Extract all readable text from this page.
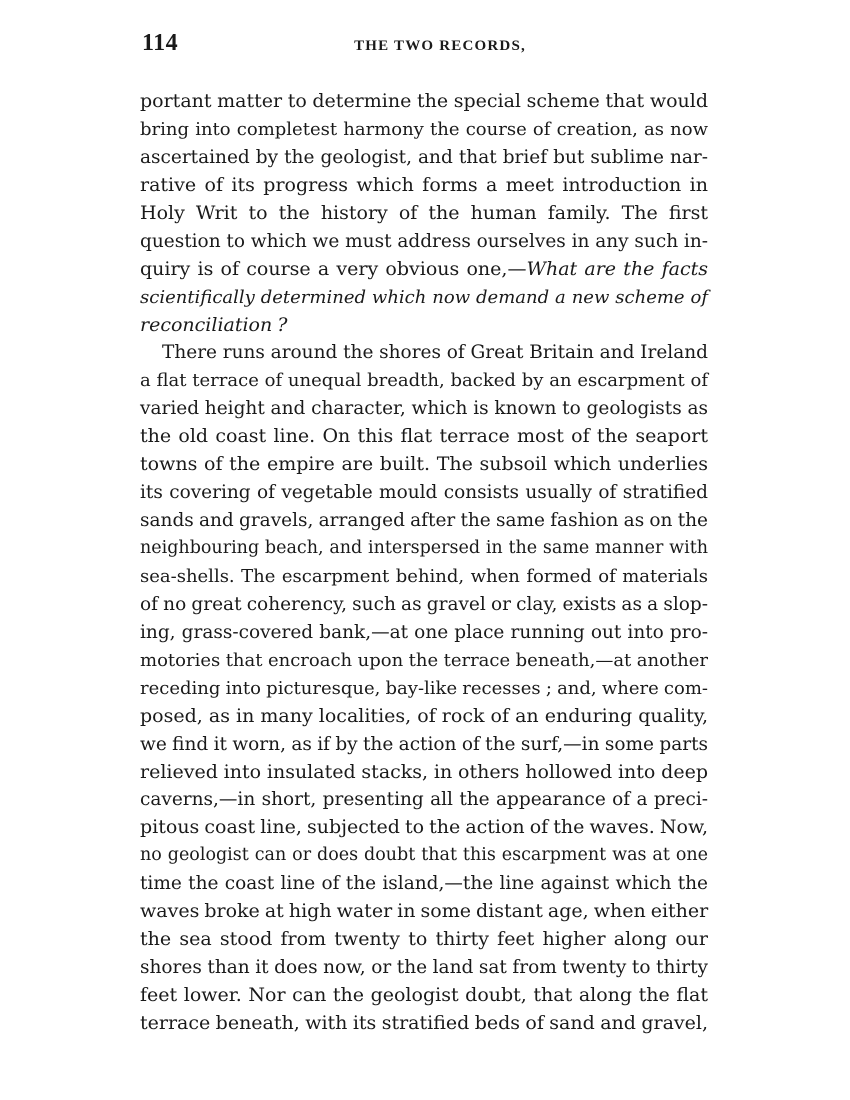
114	THE TWO RECORDS,
portant matter to determine the special scheme that would
bring into completest harmony the course of creation, as now
ascertained by the geologist, and that brief but sublime nar-
rative of its progress which forms a meet introduction in
Holy Writ to the history of the human family. The first
question to which we must address ourselves in any such in-
quiry is of course a very obvious one,—What are the facts
scientifically determined which now demand a new scheme of
reconciliation ?
There runs around the shores of Great Britain and Ireland
a flat terrace of unequal breadth, backed by an escarpment of
varied height and character, which is known to geologists as
the old coast line. On this flat terrace most of the seaport
towns of the empire are built. The subsoil which underlies
its covering of vegetable mould consists usually of stratified
sands and gravels, arranged after the same fashion as on the
neighbouring beach, and interspersed in the same manner with
sea-shells. The escarpment behind, when formed of materials
of no great coherency, such as gravel or clay, exists as a slop-
ing, grass-covered bank,—at one place running out into pro-
motories that encroach upon the terrace beneath,—at another
receding into picturesque, bay-like recesses ; and, where com-
posed, as in many localities, of rock of an enduring quality,
we find it worn, as if by the action of the surf,—in some parts
relieved into insulated stacks, in others hollowed into deep
caverns,—in short, presenting all the appearance of a preci-
pitous coast line, subjected to the action of the waves. Now,
no geologist can or does doubt that this escarpment was at one
time the coast line of the island,—the line against which the
waves broke at high water in some distant age, when either
the sea stood from twenty to thirty feet higher along our
shores than it does now, or the land sat from twenty to thirty
feet lower. Nor can the geologist doubt, that along the flat
terrace beneath, with its stratified beds of sand and gravel,
